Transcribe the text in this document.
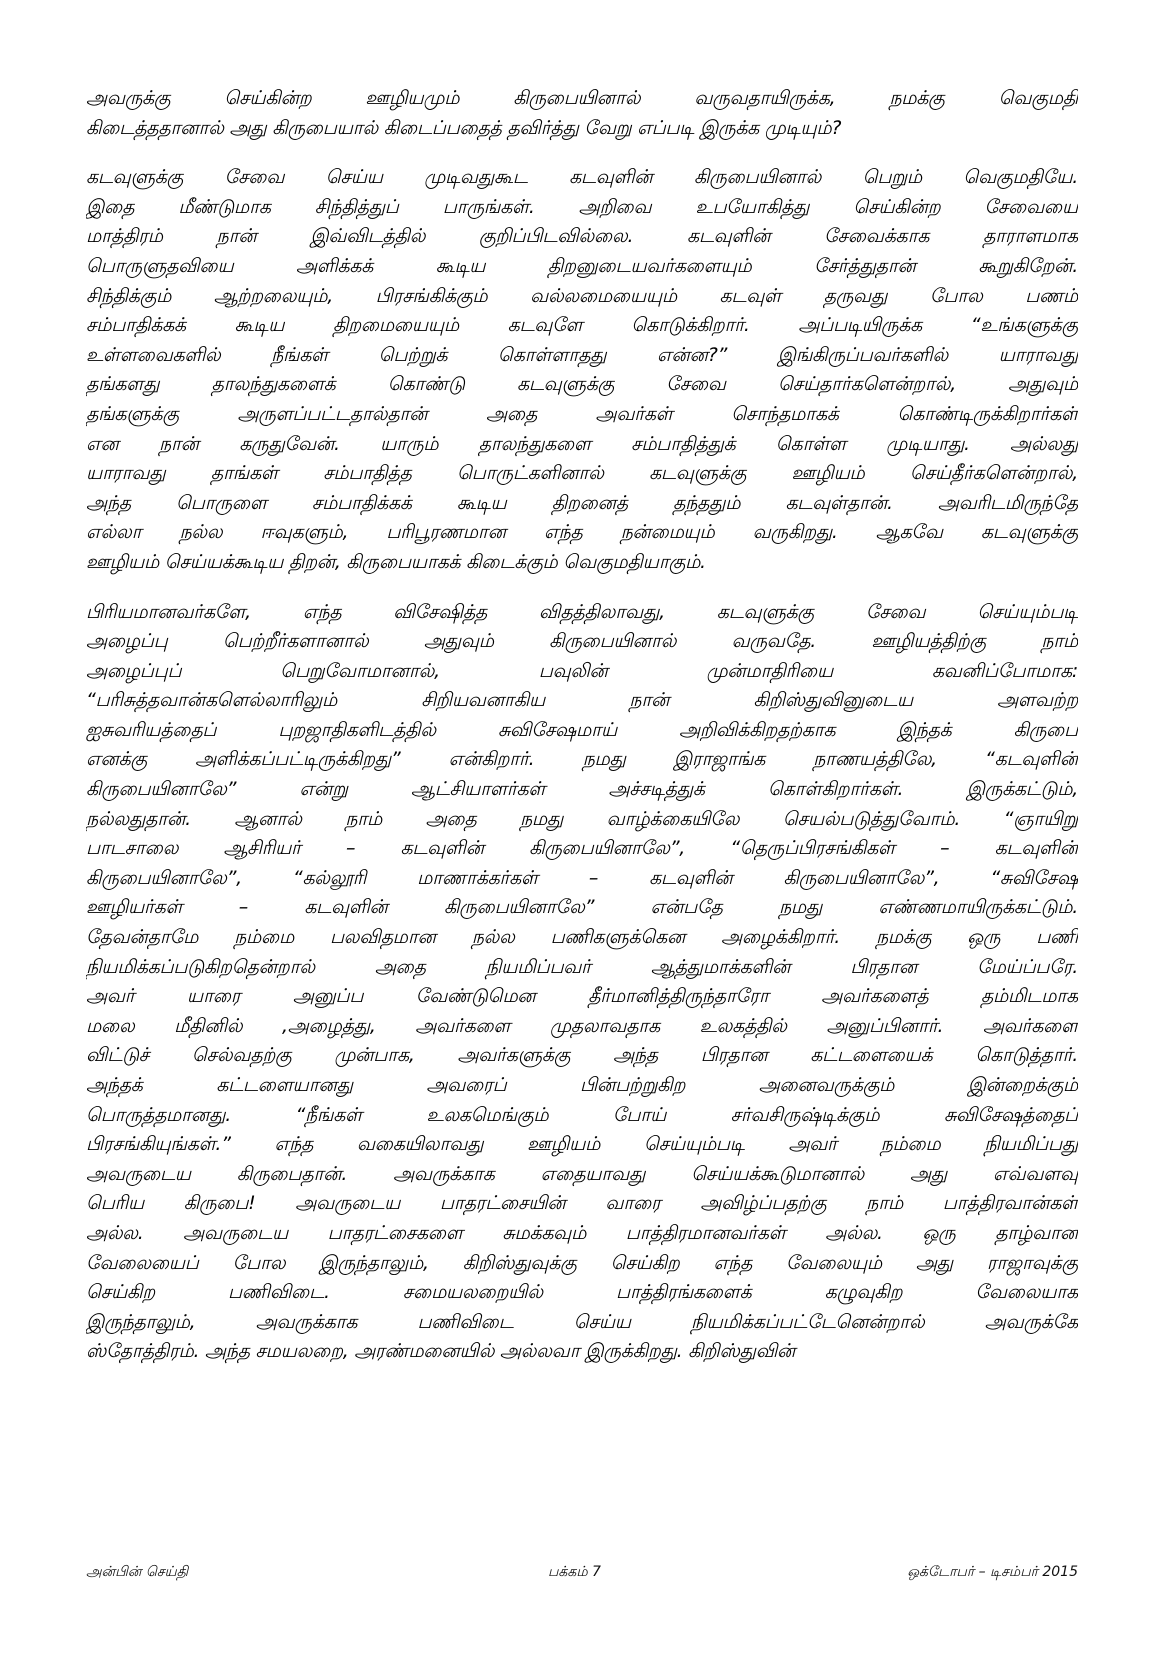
அவருக்கு செய்கின்ற ஊழியமும் கிருபையினால் வருவதாயிருக்க, நமக்கு வெகுமதி
கிடைத்ததானால் அது கிருபையால் கிடைப்பதைத் தவிர்த்து வேறு எப்படி இருக்க முடியும்?
கடவுளுக்கு சேவை செய்ய முடிவதுகூட கடவுளின் கிருபையினால் பெறும் வெகுமதியே.
இதை மீண்டுமாக சிந்தித்துப் பாருங்கள். அறிவை உபயோகித்து செய்கின்ற சேவையை
மாத்திரம் நான் இவ்விடத்தில் குறிப்பிடவில்லை. கடவுளின் சேவைக்காக தாராளமாக
பொருளுதவியை அளிக்கக் கூடிய திறனுடையவர்களையும் சேர்த்துதான் கூறுகிறேன்.
சிந்திக்கும் ஆற்றலையும், பிரசங்கிக்கும் வல்லமையையும் கடவுள் தருவது போல பணம்
சம்பாதிக்கக் கூடிய திறமையையும் கடவுளே கொடுக்கிறார். அப்படியிருக்க “உங்களுக்கு
உள்ளவைகளில் நீங்கள் பெற்றுக் கொள்ளாதது என்ன?” இங்கிருப்பவர்களில் யாராவது
தங்களது தாலந்துகளைக் கொண்டு கடவுளுக்கு சேவை செய்தார்களென்றால், அதுவும்
தங்களுக்கு அருளப்பட்டதால்தான் அதை அவர்கள் சொந்தமாகக் கொண்டிருக்கிறார்கள்
என நான் கருதுவேன். யாரும் தாலந்துகளை சம்பாதித்துக் கொள்ள முடியாது. அல்லது
யாராவது தாங்கள் சம்பாதித்த பொருட்களினால் கடவுளுக்கு ஊழியம் செய்தீர்களென்றால்,
அந்த பொருளை சம்பாதிக்கக் கூடிய திறனைத் தந்ததும் கடவுள்தான். அவரிடமிருந்தே
எல்லா நல்ல ஈவுகளும், பரிபூரணமான எந்த நன்மையும் வருகிறது. ஆகவே கடவுளுக்கு
ஊழியம் செய்யக்கூடிய திறன், கிருபையாகக் கிடைக்கும் வெகுமதியாகும்.
பிரியமானவர்களே, எந்த விசேஷித்த விதத்திலாவது, கடவுளுக்கு சேவை செய்யும்படி
அழைப்பு பெற்றீர்களானால் அதுவும் கிருபையினால் வருவதே. ஊழியத்திற்கு நாம்
அழைப்புப் பெறுவோமானால், பவுலின் முன்மாதிரியை கவனிப்போமாக:
“பரிசுத்தவான்களெல்லாரிலும் சிறியவனாகிய நான் கிறிஸ்துவினுடைய அளவற்ற
ஐசுவரியத்தைப் புறஜாதிகளிடத்தில் சுவிசேஷமாய் அறிவிக்கிறதற்காக இந்தக் கிருபை
எனக்கு அளிக்கப்பட்டிருக்கிறது” என்கிறார். நமது இராஜாங்க நாணயத்திலே, “கடவுளின்
கிருபையினாலே” என்று ஆட்சியாளர்கள் அச்சடித்துக் கொள்கிறார்கள். இருக்கட்டும்,
நல்லதுதான். ஆனால் நாம் அதை நமது வாழ்க்கையிலே செயல்படுத்துவோம். “ஞாயிறு
பாடசாலை ஆசிரியர் – கடவுளின் கிருபையினாலே”, “தெருப்பிரசங்கிகள் – கடவுளின்
கிருபையினாலே”, “கல்லூரி மாணாக்கர்கள் – கடவுளின் கிருபையினாலே”, “சுவிசேஷ
ஊழியர்கள் – கடவுளின் கிருபையினாலே” என்பதே நமது எண்ணமாயிருக்கட்டும்.
தேவன்தாமே நம்மை பலவிதமான நல்ல பணிகளுக்கென அழைக்கிறார். நமக்கு ஒரு பணி
நியமிக்கப்படுகிறதென்றால் அதை நியமிப்பவர் ஆத்துமாக்களின் பிரதான மேய்ப்பரே.
அவர் யாரை அனுப்ப வேண்டுமென தீர்மானித்திருந்தாரோ அவர்களைத் தம்மிடமாக
மலை மீதினில் ,அழைத்து, அவர்களை முதலாவதாக உலகத்தில் அனுப்பினார். அவர்களை
விட்டுச் செல்வதற்கு முன்பாக, அவர்களுக்கு அந்த பிரதான கட்டளையைக் கொடுத்தார்.
அந்தக் கட்டளையானது அவரைப் பின்பற்றுகிற அனைவருக்கும் இன்றைக்கும்
பொருத்தமானது. “நீங்கள் உலகமெங்கும் போய் சர்வசிருஷ்டிக்கும் சுவிசேஷத்தைப்
பிரசங்கியுங்கள்.” எந்த வகையிலாவது ஊழியம் செய்யும்படி அவர் நம்மை நியமிப்பது
அவருடைய கிருபைதான். அவருக்காக எதையாவது செய்யக்கூடுமானால் அது எவ்வளவு
பெரிய கிருபை! அவருடைய பாதரட்சையின் வாரை அவிழ்ப்பதற்கு நாம் பாத்திரவான்கள்
அல்ல. அவருடைய பாதரட்சைகளை சுமக்கவும் பாத்திரமானவர்கள் அல்ல. ஒரு தாழ்வான
வேலையைப் போல இருந்தாலும், கிறிஸ்துவுக்கு செய்கிற எந்த வேலையும் அது ராஜாவுக்கு
செய்கிற பணிவிடை. சமையலறையில் பாத்திரங்களைக் கழுவுகிற வேலையாக
இருந்தாலும், அவருக்காக பணிவிடை செய்ய நியமிக்கப்பட்டேனென்றால் அவருக்கே
ஸ்தோத்திரம். அந்த சமயலறை, அரண்மனையில் அல்லவா இருக்கிறது. கிறிஸ்துவின்
அன்பின் செய்தி	பக்கம் 7	ஒக்டோபர் – டிசம்பர் 2015
